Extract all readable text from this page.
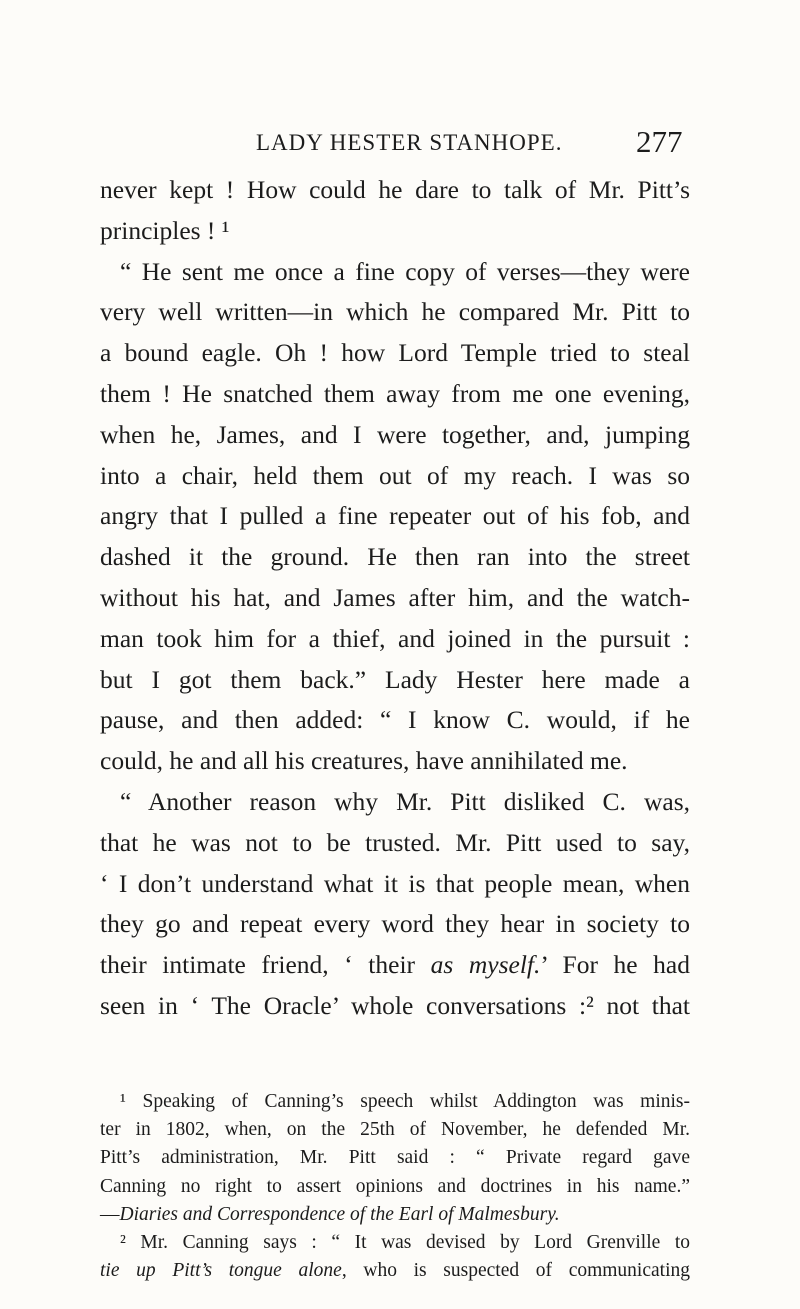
LADY HESTER STANHOPE. 277
never kept ! How could he dare to talk of Mr. Pitt’s
principles ! ¹
“ He sent me once a fine copy of verses—they were
very well written—in which he compared Mr. Pitt to
a bound eagle. Oh ! how Lord Temple tried to steal
them ! He snatched them away from me one evening,
when he, James, and I were together, and, jumping
into a chair, held them out of my reach. I was so
angry that I pulled a fine repeater out of his fob, and
dashed it the ground. He then ran into the street
without his hat, and James after him, and the watch-
man took him for a thief, and joined in the pursuit :
but I got them back.” Lady Hester here made a
pause, and then added: “ I know C. would, if he
could, he and all his creatures, have annihilated me.
“ Another reason why Mr. Pitt disliked C. was,
that he was not to be trusted. Mr. Pitt used to say,
‘ I don’t understand what it is that people mean, when
they go and repeat every word they hear in society to
their intimate friend, ‘ their as myself.’ For he had
seen in ‘ The Oracle’ whole conversations :² not that
¹ Speaking of Canning’s speech whilst Addington was minis-
ter in 1802, when, on the 25th of November, he defended Mr.
Pitt’s administration, Mr. Pitt said : “ Private regard gave
Canning no right to assert opinions and doctrines in his name.”
—Diaries and Correspondence of the Earl of Malmesbury.
² Mr. Canning says : “ It was devised by Lord Grenville to
tie up Pitt’s tongue alone, who is suspected of communicating
